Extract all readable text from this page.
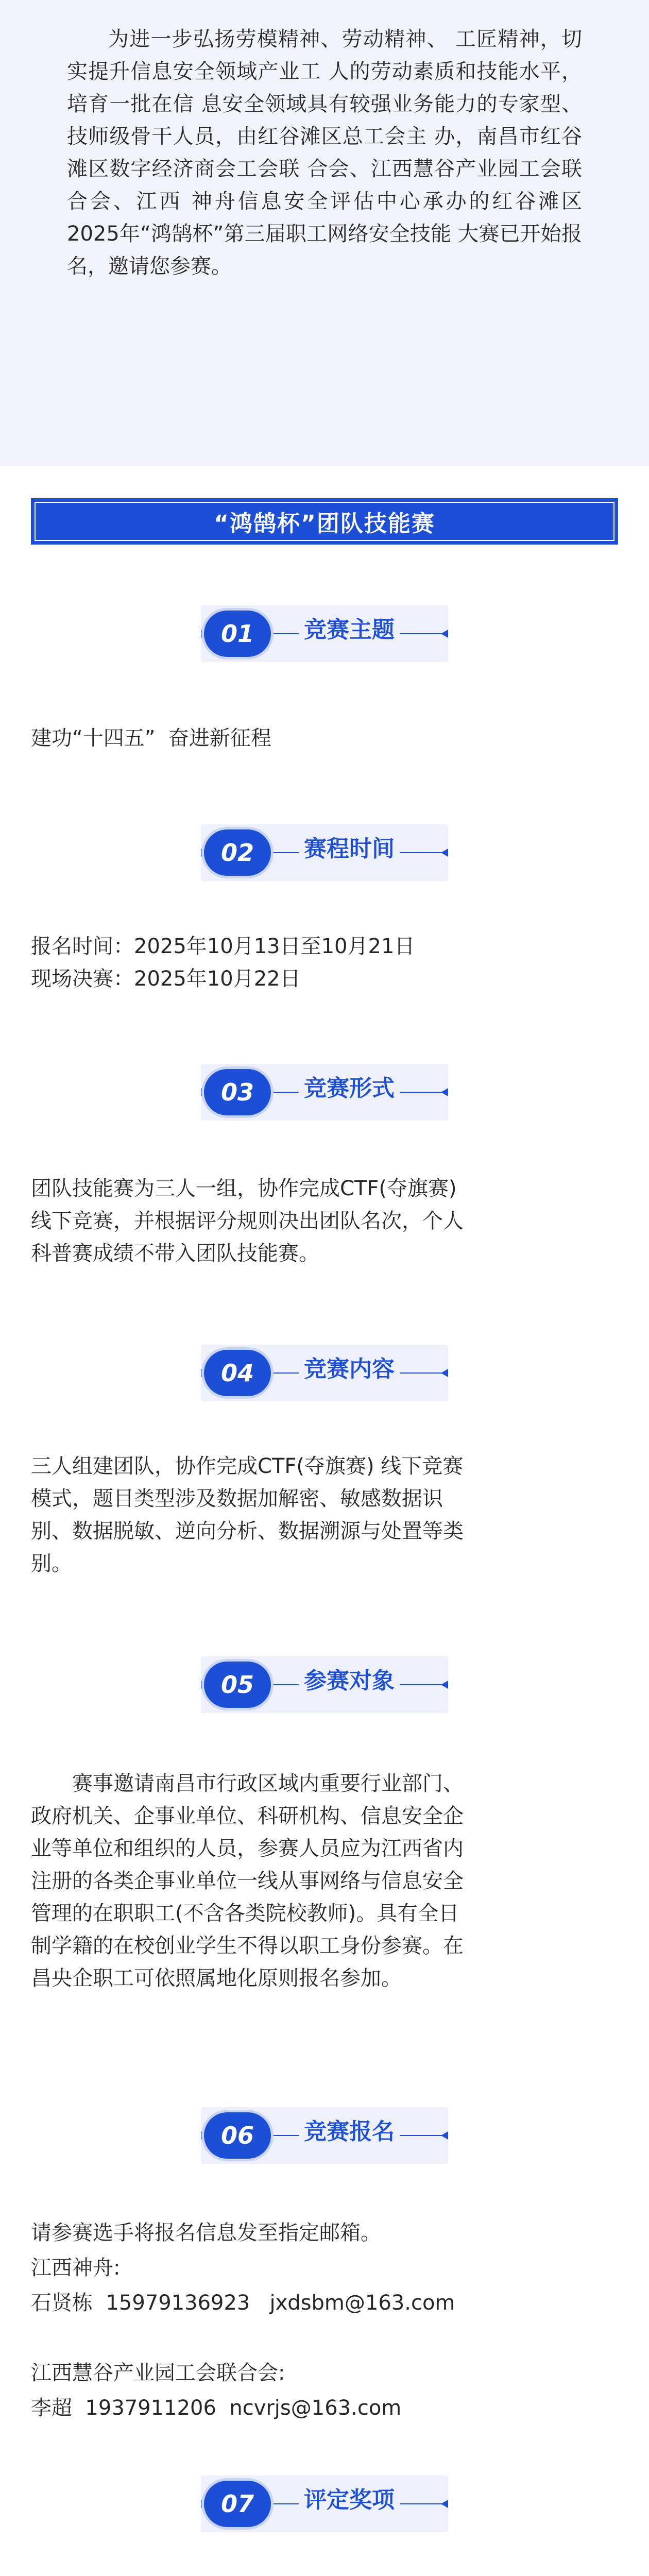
为进一步弘扬劳模精神、劳动精神、 工匠精神，切实提升信息安全领域产业工 人的劳动素质和技能水平，培育一批在信 息安全领域具有较强业务能力的专家型、 技师级骨干人员，由红谷滩区总工会主 办，南昌市红谷滩区数字经济商会工会联 合会、江西慧谷产业园工会联合会、江西 神舟信息安全评估中心承办的红谷滩区 2025年“鸿鹄杯”第三届职工网络安全技能 大赛已开始报名，邀请您参赛。
“鸿鹄杯”团队技能赛
01 竞赛主题
建功“十四五”  奋进新征程
02 赛程时间
报名时间：2025年10月13日至10月21日
现场决赛：2025年10月22日
03 竞赛形式
团队技能赛为三人一组，协作完成CTF(夺旗赛)
线下竞赛，并根据评分规则决出团队名次，个人
科普赛成绩不带入团队技能赛。
04 竞赛内容
三人组建团队，协作完成CTF(夺旗赛) 线下竞赛
模式，题目类型涉及数据加解密、敏感数据识
别、数据脱敏、逆向分析、数据溯源与处置等类
别。
05 参赛对象
赛事邀请南昌市行政区域内重要行业部门、
政府机关、企事业单位、科研机构、信息安全企
业等单位和组织的人员，参赛人员应为江西省内
注册的各类企事业单位一线从事网络与信息安全
管理的在职职工(不含各类院校教师)。具有全日
制学籍的在校创业学生不得以职工身份参赛。在
昌央企职工可依照属地化原则报名参加。
06 竞赛报名
请参赛选手将报名信息发至指定邮箱。
江西神舟:
石贤栋  15979136923   jxdsbm@163.com
江西慧谷产业园工会联合会:
李超  1937911206  ncvrjs@163.com
07 评定奖项
